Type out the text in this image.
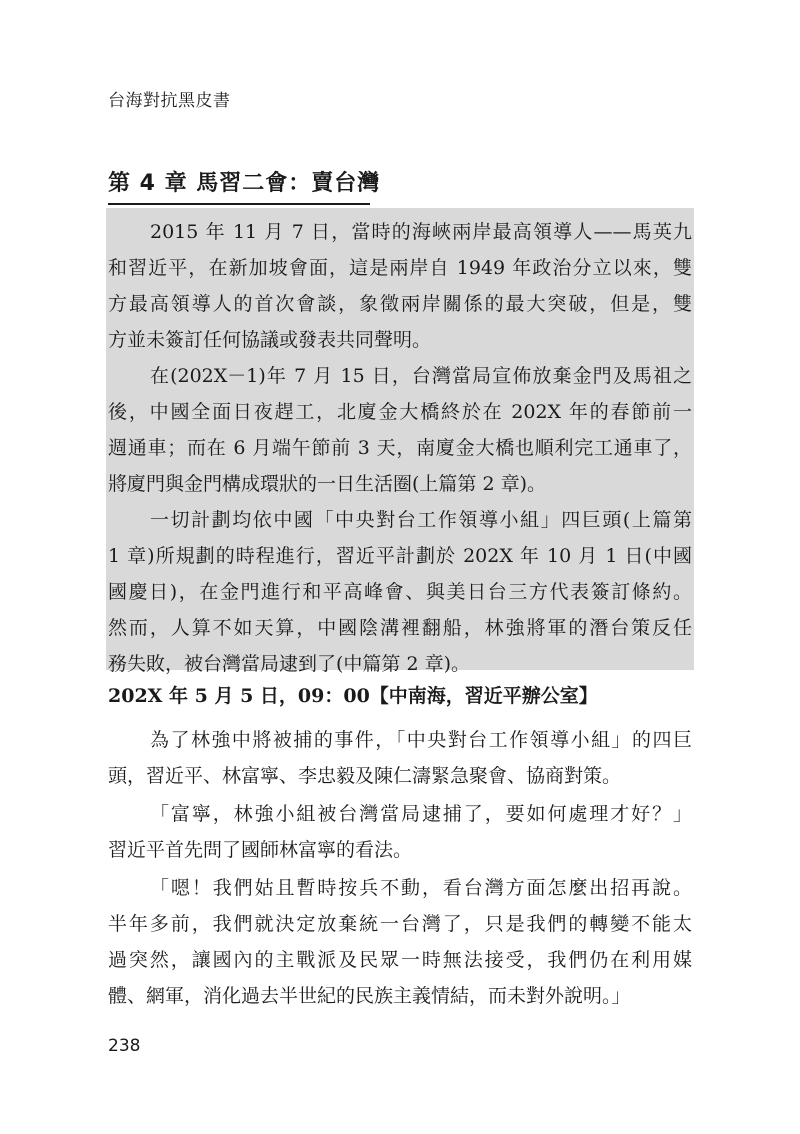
台海對抗黑皮書
第 4 章 馬習二會：賣台灣
2015 年 11 月 7 日，當時的海峽兩岸最高領導人——馬英九
和習近平，在新加坡會面，這是兩岸自 1949 年政治分立以來，雙
方最高領導人的首次會談，象徵兩岸關係的最大突破，但是，雙
方並未簽訂任何協議或發表共同聲明。
在(202X－1)年 7 月 15 日，台灣當局宣佈放棄金門及馬祖之
後，中國全面日夜趕工，北廈金大橋終於在 202X 年的春節前一
週通車；而在 6 月端午節前 3 天，南廈金大橋也順利完工通車了，
將廈門與金門構成環狀的一日生活圈(上篇第 2 章)。
一切計劃均依中國「中央對台工作領導小組」四巨頭(上篇第
1 章)所規劃的時程進行，習近平計劃於 202X 年 10 月 1 日(中國
國慶日)，在金門進行和平高峰會、與美日台三方代表簽訂條約。
然而，人算不如天算，中國陰溝裡翻船，林強將軍的潛台策反任
務失敗，被台灣當局逮到了(中篇第 2 章)。
202X 年 5 月 5 日，09：00【中南海，習近平辦公室】
為了林強中將被捕的事件，「中央對台工作領導小組」的四巨
頭，習近平、林富寧、李忠毅及陳仁濤緊急聚會、協商對策。
「富寧，林強小組被台灣當局逮捕了，要如何處理才好？」
習近平首先問了國師林富寧的看法。
「嗯！我們姑且暫時按兵不動，看台灣方面怎麼出招再說。
半年多前，我們就決定放棄統一台灣了，只是我們的轉變不能太
過突然，讓國內的主戰派及民眾一時無法接受，我們仍在利用媒
體、網軍，消化過去半世紀的民族主義情結，而未對外說明。」
238
